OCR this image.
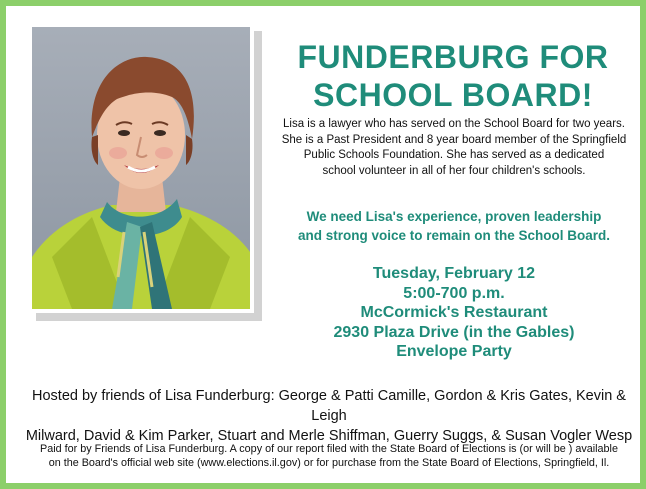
FUNDERBURG FOR
SCHOOL BOARD!
Lisa is a lawyer who has served on the School Board for two years.
She is a Past President and 8 year board member of the Springfield
Public Schools Foundation. She has served as a dedicated
school volunteer in all of her four children's schools.
We need Lisa's experience, proven leadership
and strong voice to remain on the School Board.
Tuesday, February 12
5:00-700 p.m.
McCormick's Restaurant
2930 Plaza Drive (in the Gables)
Envelope Party
Hosted by friends of Lisa Funderburg: George & Patti Camille, Gordon & Kris Gates, Kevin & Leigh
Milward, David & Kim Parker, Stuart and Merle Shiffman, Guerry Suggs, & Susan Vogler Wesp
Paid for by Friends of Lisa Funderburg. A copy of our report filed with the State Board of Elections is (or will be ) available
on the Board's official web site (www.elections.il.gov) or for purchase from the State Board of Elections, Springfield, Il.
